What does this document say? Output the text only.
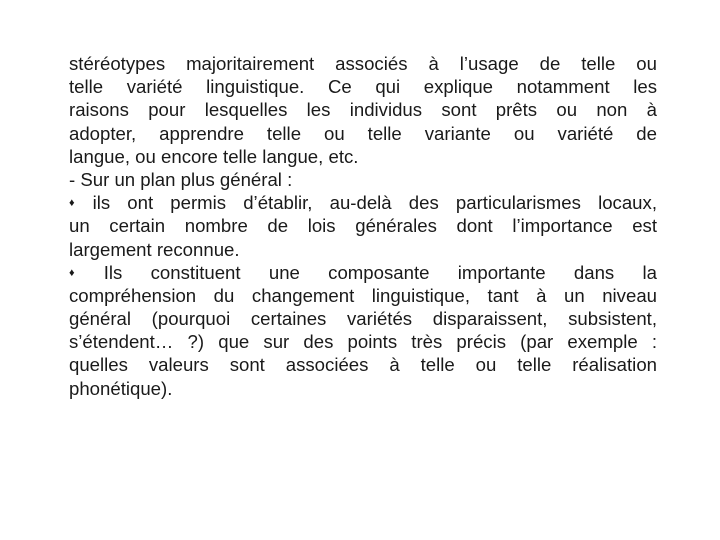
stéréotypes majoritairement associés à l’usage de telle ou
telle variété linguistique. Ce qui explique notamment les
raisons pour lesquelles les individus sont prêts ou non à
adopter, apprendre telle ou telle variante ou variété de
langue, ou encore telle langue, etc.
- Sur un plan plus général :
♦ ils ont permis d’établir, au-delà des particularismes locaux,
un certain nombre de lois générales dont l’importance est
largement reconnue.
♦ Ils constituent une composante importante dans la
compréhension du changement linguistique, tant à un niveau
général (pourquoi certaines variétés disparaissent, subsistent,
s’étendent… ?) que sur des points très précis (par exemple :
quelles valeurs sont associées à telle ou telle réalisation
phonétique).
